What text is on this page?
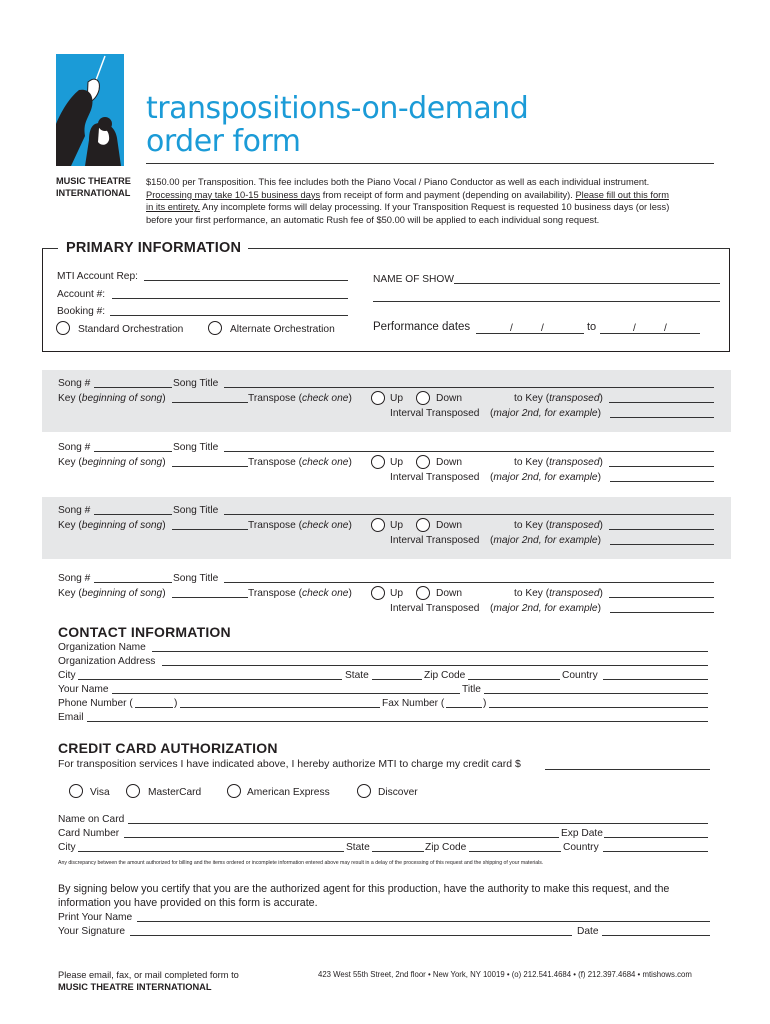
MUSIC THEATRE
INTERNATIONAL
transpositions-on-demand
order form

$150.00 per Transposition. This fee includes both the Piano Vocal / Piano Conductor as well as each individual instrument.

Processing may take 10-15 business days from receipt of form and payment (depending on availability). Please fill out this form

in its entirety. Any incomplete forms will delay processing. If your Transposition Request is requested 10 business days (or less)

before your first performance, an automatic Rush fee of $50.00 will be applied to each individual song request.

PRIMARY INFORMATION
MTI Account Rep:
Account #:
Booking #:
Standard Orchestration	Alternate Orchestration
NAME OF SHOW
Performance dates	/	/	to	/	/
Song #	Song Title
Key (beginning of song)	Transpose (check one)	Up	Down	to Key (transposed)
Interval Transposed (major 2nd, for example)
Song #	Song Title
Key (beginning of song)	Transpose (check one)	Up	Down	to Key (transposed)
Interval Transposed (major 2nd, for example)
Song #	Song Title
Key (beginning of song)	Transpose (check one)	Up	Down	to Key (transposed)
Interval Transposed (major 2nd, for example)
Song #	Song Title
Key (beginning of song)	Transpose (check one)	Up	Down	to Key (transposed)
Interval Transposed (major 2nd, for example)
CONTACT INFORMATION
Organization Name
Organization Address
City	State	Zip Code	Country
Your Name	Title
Phone Number (	)	Fax Number (	)
Email
CREDIT CARD AUTHORIZATION
For transposition services I have indicated above, I hereby authorize MTI to charge my credit card $
Visa	MasterCard	American Express	Discover
Name on Card
Card Number	Exp Date
City	State	Zip Code	Country
Any discrepancy between the amount authorized for billing and the items ordered or incomplete information entered above may result in a delay of the processing of this request and the shipping of your materials.
By signing below you certify that you are the authorized agent for this production, have the authority to make this request, and the
information you have provided on this form is accurate.
Print Your Name
Your Signature	Date
Please email, fax, or mail completed form to
MUSIC THEATRE INTERNATIONAL
423 West 55th Street, 2nd floor • New York, NY 10019 • (o) 212.541.4684 • (f) 212.397.4684 • mtishows.com
